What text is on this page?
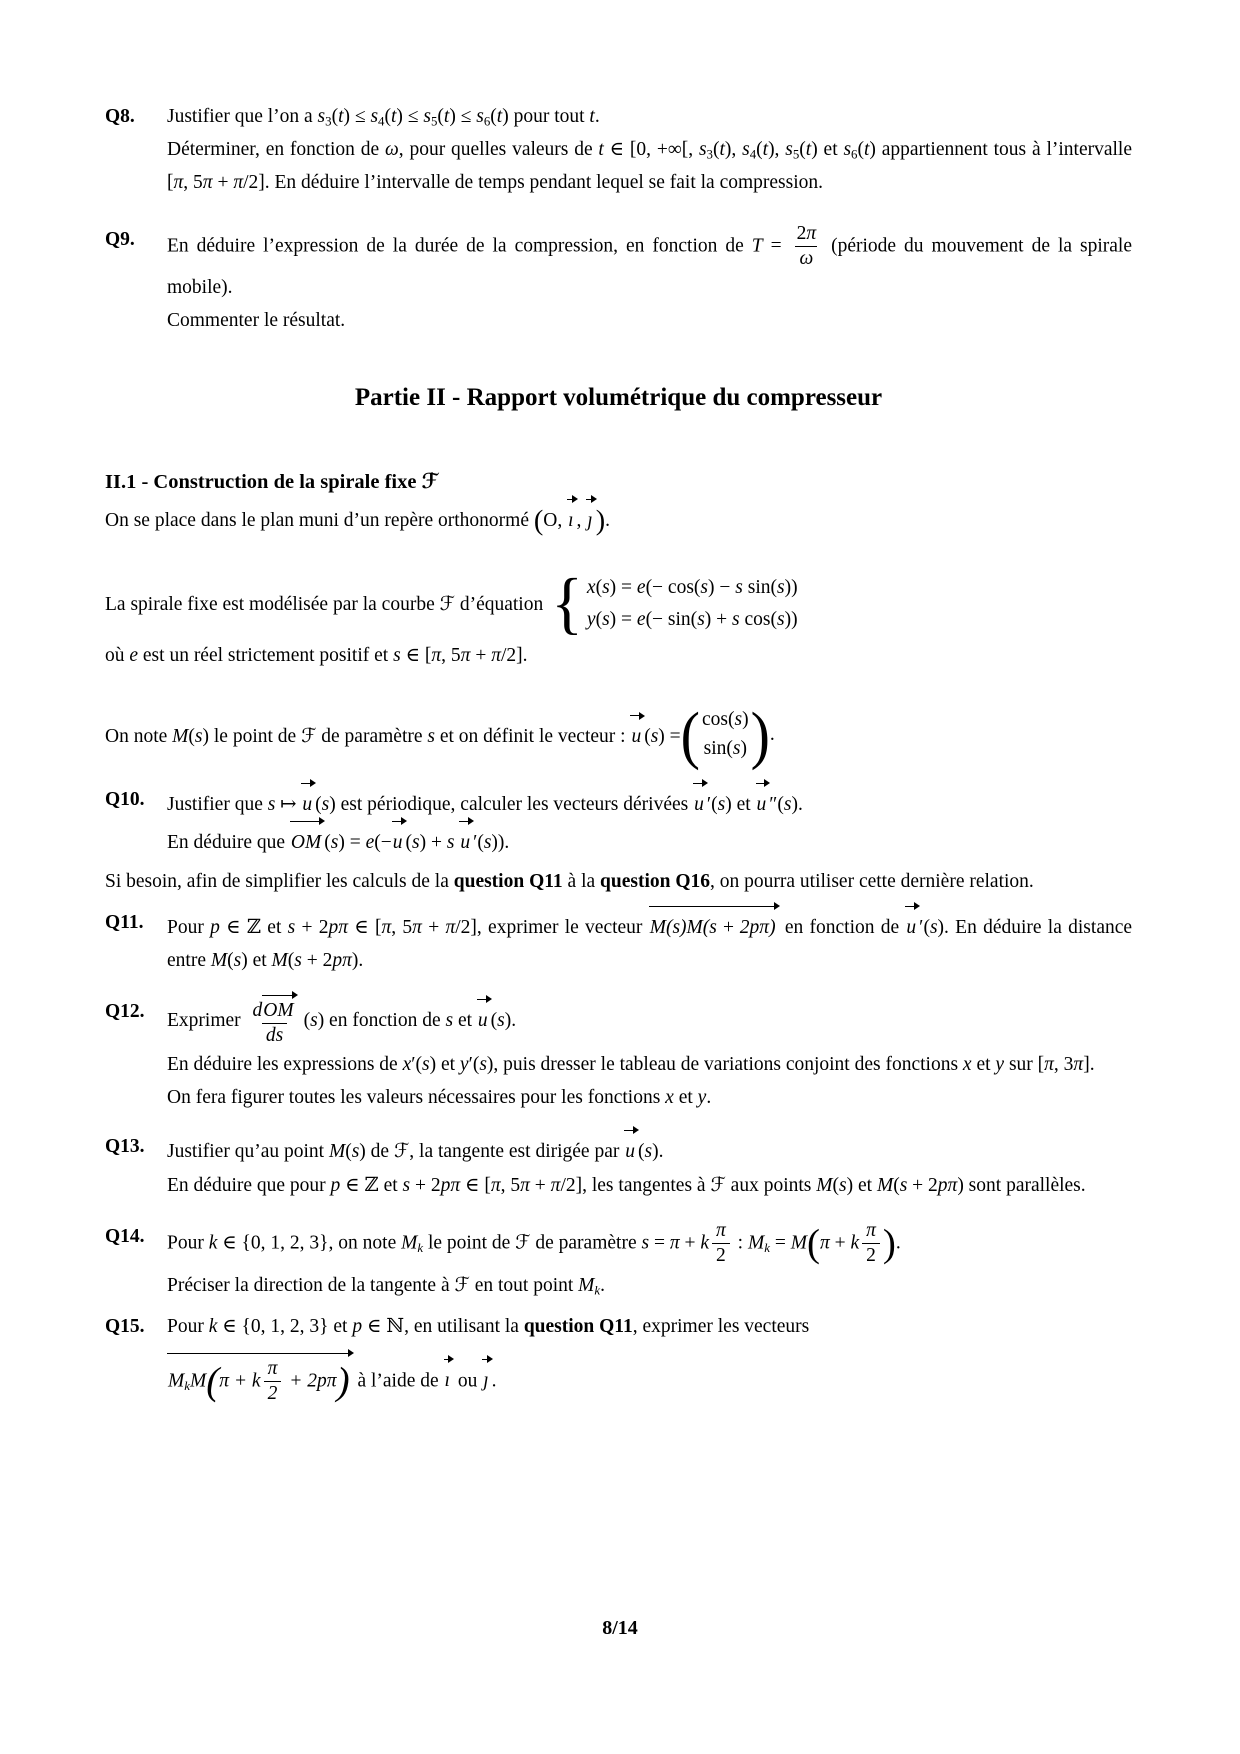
Q8.	Justifier que l’on a $s_3(t) \le s_4(t) \le s_5(t) \le s_6(t)$ pour tout t.
Déterminer, en fonction de ω, pour quelles valeurs de t ∈ [0, +∞[, $s_3(t)$, $s_4(t)$, $s_5(t)$ et $s_6(t)$ appartiennent tous à l’intervalle [π, 5π + π/2]. En déduire l’intervalle de temps pendant lequel se fait la compression.
Q9.	En déduire l’expression de la durée de la compression, en fonction de $T = \frac{2\pi}{\omega}$ (période du mouvement de la spirale mobile).
Commenter le résultat.
Partie II - Rapport volumétrique du compresseur
II.1 - Construction de la spirale fixe ℱ
On se place dans le plan muni d’un repère orthonormé (O, ı , ȷ ).
La spirale fixe est modélisée par la courbe ℱ d’équation { x(s) = e(− cos(s) − s sin(s))
y(s) = e(− sin(s) + s cos(s))
où e est un réel strictement positif et s ∈ [π, 5π + π/2].
On note M(s) le point de ℱ de paramètre s et on définit le vecteur : u (s) = ( cos(s)
sin(s) ) .
Q10.	Justifier que s ↦ u (s) est périodique, calculer les vecteurs dérivées u ′(s) et u ″(s).
En déduire que OM (s) = e(−u (s) + s u ′(s)).
Si besoin, afin de simplifier les calculs de la question Q11 à la question Q16, on pourra utiliser cette dernière relation.
Q11.	Pour p ∈ ℤ et s + 2pπ ∈ [π, 5π + π/2], exprimer le vecteur M(s)M(s + 2pπ) en fonction de u ′(s). En déduire la distance entre M(s) et M(s + 2pπ).
Q12.	Exprimer $\frac{\text{dOM}}{ds} (s)$ en fonction de s et u (s).
En déduire les expressions de x′(s) et y′(s), puis dresser le tableau de variations conjoint des fonctions x et y sur [π, 3π].
On fera figurer toutes les valeurs nécessaires pour les fonctions x et y.
Q13.	Justifier qu’au point M(s) de ℱ, la tangente est dirigée par u (s).
En déduire que pour p ∈ ℤ et s + 2pπ ∈ [π, 5π + π/2], les tangentes à ℱ aux points M(s) et M(s + 2pπ) sont parallèles.
Q14.	Pour k ∈ {0, 1, 2, 3}, on note $M_k$ le point de ℱ de paramètre s = π + k $\frac{\pi}{2}$ : $M_k = M(\pi + k \frac{\pi}{2}$ ).
Préciser la direction de la tangente à ℱ en tout point $M_k$.
Q15.	Pour k ∈ {0, 1, 2, 3} et p ∈ ℕ, en utilisant la question Q11, exprimer les vecteurs
$M_kM(\pi + k \frac{\pi}{2} + 2p\pi)$ à l’aide de ı ou ȷ .
8/14
